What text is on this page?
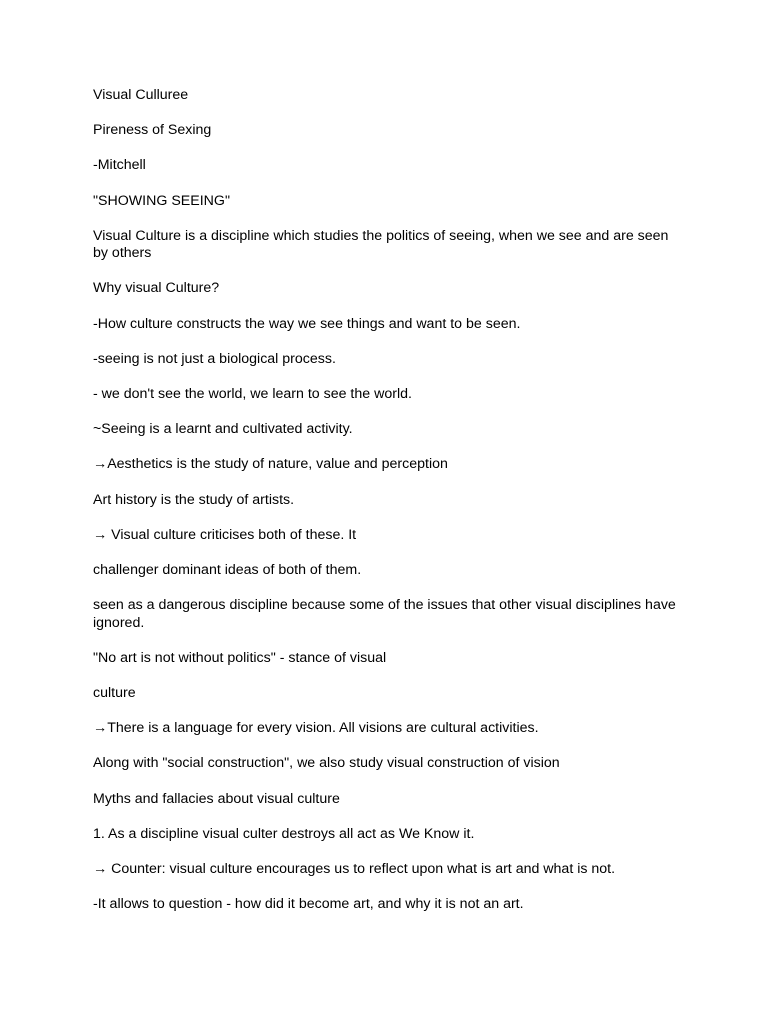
Visual Culluree

Pireness of Sexing

-Mitchell

"SHOWING SEEING"

Visual Culture is a discipline which studies the politics of seeing, when we see and are seen by others

Why visual Culture?

-How culture constructs the way we see things and want to be seen.

-seeing is not just a biological process.

- we don't see the world, we learn to see the world.

~Seeing is a learnt and cultivated activity.

→Aesthetics is the study of nature, value and perception

Art history is the study of artists.

→ Visual culture criticises both of these. It

challenger dominant ideas of both of them.

seen as a dangerous discipline because some of the issues that other visual disciplines have ignored.

"No art is not without politics" - stance of visual

culture

→There is a language for every vision. All visions are cultural activities.

Along with "social construction", we also study visual construction of vision

Myths and fallacies about visual culture

1. As a discipline visual culter destroys all act as We Know it.

→ Counter: visual culture encourages us to reflect upon what is art and what is not.

-It allows to question - how did it become art, and why it is not an art.
